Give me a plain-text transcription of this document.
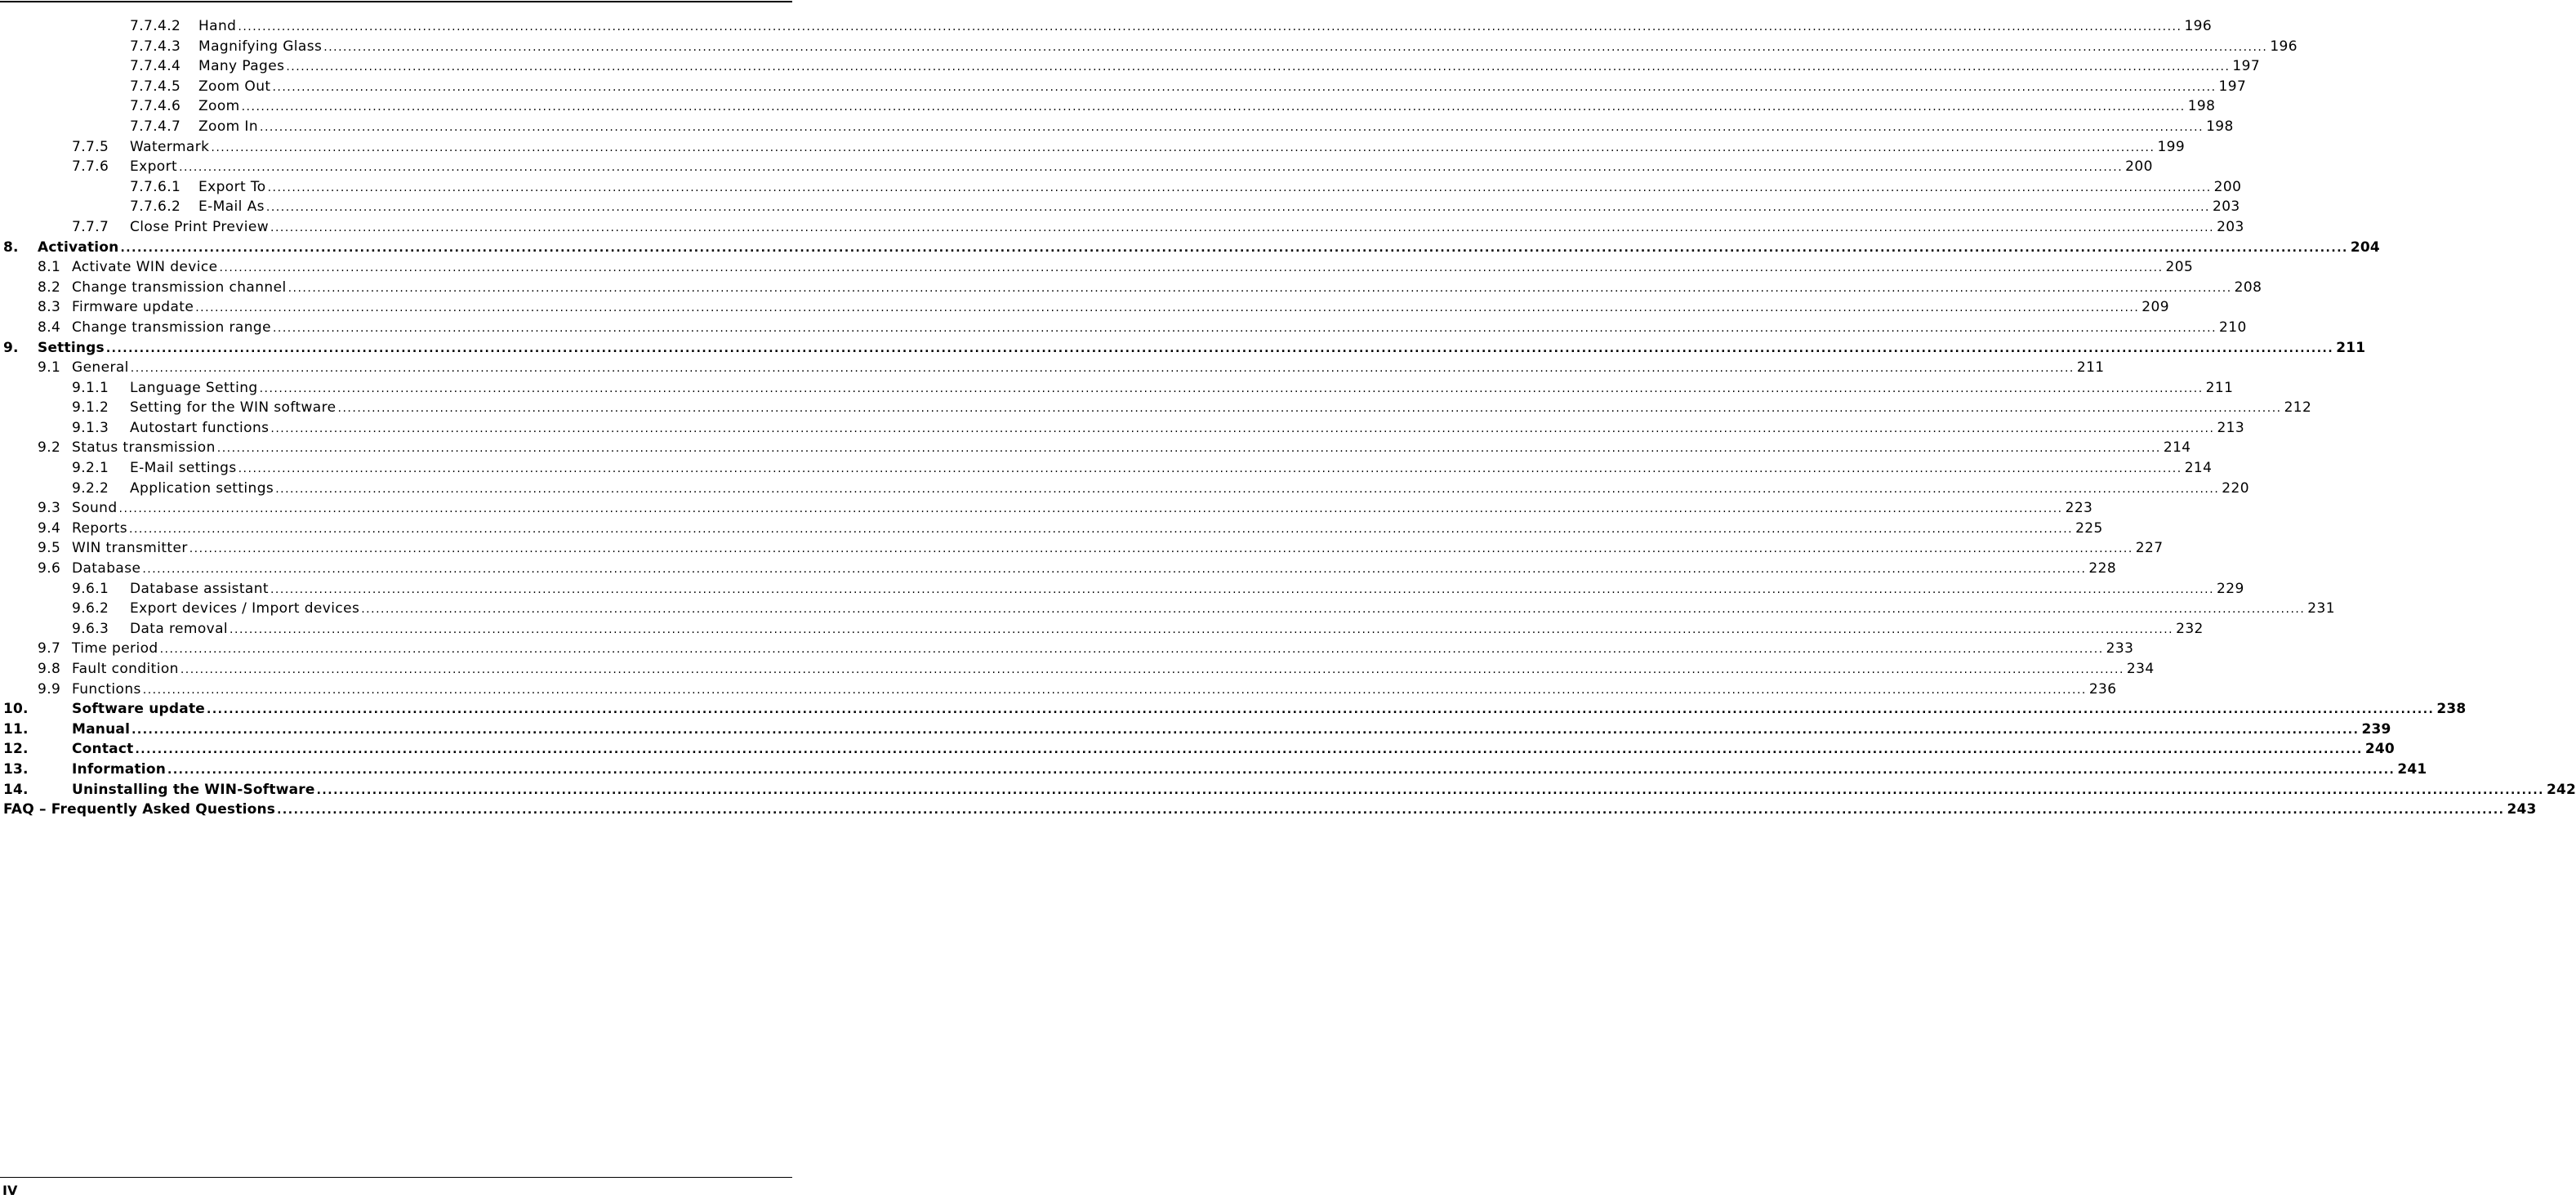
7.7.4.2 Hand ................................................................................................................................................................................................................................................................................................................................................................................................................ 196
7.7.4.3 Magnifying Glass ................................................................................................................................................................................................................................................................................................................................................................................................................ 196
7.7.4.4 Many Pages ................................................................................................................................................................................................................................................................................................................................................................................................................ 197
7.7.4.5 Zoom Out ................................................................................................................................................................................................................................................................................................................................................................................................................ 197
7.7.4.6 Zoom ................................................................................................................................................................................................................................................................................................................................................................................................................ 198
7.7.4.7 Zoom In ................................................................................................................................................................................................................................................................................................................................................................................................................ 198
7.7.5 Watermark ................................................................................................................................................................................................................................................................................................................................................................................................................ 199
7.7.6 Export ................................................................................................................................................................................................................................................................................................................................................................................................................ 200
7.7.6.1 Export To ................................................................................................................................................................................................................................................................................................................................................................................................................ 200
7.7.6.2 E-Mail As ................................................................................................................................................................................................................................................................................................................................................................................................................ 203
7.7.7 Close Print Preview ................................................................................................................................................................................................................................................................................................................................................................................................................ 203
8. Activation ................................................................................................................................................................................................................................................................................................................................................................................................................ 204
8.1 Activate WIN device ................................................................................................................................................................................................................................................................................................................................................................................................................ 205
8.2 Change transmission channel ................................................................................................................................................................................................................................................................................................................................................................................................................ 208
8.3 Firmware update ................................................................................................................................................................................................................................................................................................................................................................................................................ 209
8.4 Change transmission range ................................................................................................................................................................................................................................................................................................................................................................................................................ 210
9. Settings ................................................................................................................................................................................................................................................................................................................................................................................................................ 211
9.1 General ................................................................................................................................................................................................................................................................................................................................................................................................................ 211
9.1.1 Language Setting ................................................................................................................................................................................................................................................................................................................................................................................................................ 211
9.1.2 Setting for the WIN software ................................................................................................................................................................................................................................................................................................................................................................................................................ 212
9.1.3 Autostart functions ................................................................................................................................................................................................................................................................................................................................................................................................................ 213
9.2 Status transmission ................................................................................................................................................................................................................................................................................................................................................................................................................ 214
9.2.1 E-Mail settings ................................................................................................................................................................................................................................................................................................................................................................................................................ 214
9.2.2 Application settings ................................................................................................................................................................................................................................................................................................................................................................................................................ 220
9.3 Sound ................................................................................................................................................................................................................................................................................................................................................................................................................ 223
9.4 Reports ................................................................................................................................................................................................................................................................................................................................................................................................................ 225
9.5 WIN transmitter ................................................................................................................................................................................................................................................................................................................................................................................................................ 227
9.6 Database ................................................................................................................................................................................................................................................................................................................................................................................................................ 228
9.6.1 Database assistant ................................................................................................................................................................................................................................................................................................................................................................................................................ 229
9.6.2 Export devices / Import devices ................................................................................................................................................................................................................................................................................................................................................................................................................ 231
9.6.3 Data removal ................................................................................................................................................................................................................................................................................................................................................................................................................ 232
9.7 Time period ................................................................................................................................................................................................................................................................................................................................................................................................................ 233
9.8 Fault condition ................................................................................................................................................................................................................................................................................................................................................................................................................ 234
9.9 Functions ................................................................................................................................................................................................................................................................................................................................................................................................................ 236
10.	Software update ................................................................................................................................................................................................................................................................................................................................................................................................................ 238
11.	Manual ................................................................................................................................................................................................................................................................................................................................................................................................................ 239
12.	Contact ................................................................................................................................................................................................................................................................................................................................................................................................................ 240
13.	Information ................................................................................................................................................................................................................................................................................................................................................................................................................ 241
14.	Uninstalling the WIN-Software ................................................................................................................................................................................................................................................................................................................................................................................................................ 242
FAQ – Frequently Asked Questions ................................................................................................................................................................................................................................................................................................................................................................................................................ 243
IV
